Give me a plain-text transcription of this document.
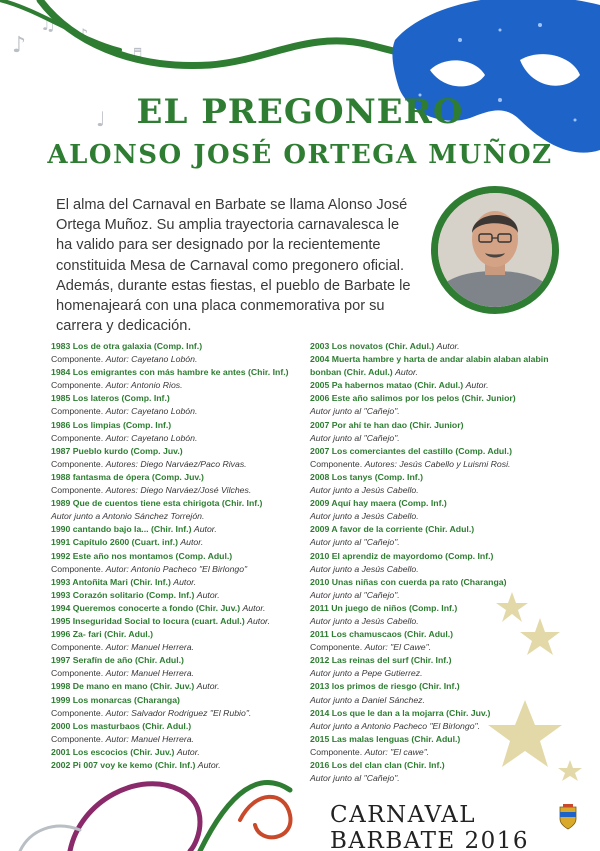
♪
♫ ♪
♩
♬
EL PREGONERO
ALONSO JOSÉ ORTEGA MUÑOZ

El alma del Carnaval en Barbate se llama Alonso José Ortega Muñoz. Su amplia trayectoria carnavalesca le ha valido para ser designado por la recientemente constituida Mesa de Carnaval como pregonero oficial. Además, durante estas fiestas, el pueblo de Barbate le homenajeará con una placa conmemorativa por su carrera y dedicación.

1983 Los de otra galaxia (Comp. Inf.)
Componente. Autor: Cayetano Lobón.
1984 Los emigrantes con más hambre ke antes (Chir. Inf.)
Componente. Autor: Antonio Rios.
1985 Los lateros (Comp. Inf.)
Componente. Autor: Cayetano Lobón.
1986 Los limpias (Comp. Inf.)
Componente. Autor: Cayetano Lobón.
1987 Pueblo kurdo (Comp. Juv.)
Componente. Autores: Diego Narváez/Paco Rivas.
1988 fantasma de ópera (Comp. Juv.)
Componente. Autores: Diego Narváez/José Vilches.
1989 Que de cuentos tiene esta chirigota (Chir. Inf.)
Autor junto a Antonio Sánchez Torrejón.
1990 cantando bajo la... (Chir. Inf.) Autor.
1991 Capítulo 2600 (Cuart. inf.) Autor.
1992 Este año nos montamos (Comp. Adul.)
Componente. Autor: Antonio Pacheco "El Birlongo"
1993 Antoñita Mari (Chir. Inf.) Autor.
1993 Corazón solitario (Comp. Inf.) Autor.
1994 Queremos conocerte a fondo (Chir. Juv.) Autor.
1995 Inseguridad Social to locura (cuart. Adul.) Autor.
1996 Za- fari (Chir. Adul.)
Componente. Autor: Manuel Herrera.
1997 Serafín de año (Chir. Adul.)
Componente. Autor: Manuel Herrera.
1998 De mano en mano (Chir. Juv.) Autor.
1999 Los monarcas (Charanga)
Componente. Autor: Salvador Rodriguez "El Rubio".
2000 Los masturbaos (Chir. Adul.)
Componente. Autor: Manuel Herrera.
2001 Los escocios (Chir. Juv.) Autor.
2002 Pi 007 voy ke kemo (Chir. Inf.) Autor.
2003 Los novatos (Chir. Adul.) Autor.
2004 Muerta hambre y harta de andar alabin alaban alabin bonban (Chir. Adul.) Autor.
2005 Pa habernos matao (Chir. Adul.) Autor.
2006 Este año salimos por los pelos (Chir. Junior)
Autor junto al "Cañejo".
2007 Por ahí te han dao (Chir. Junior)
Autor junto al "Cañejo".
2007 Los comerciantes del castillo (Comp. Adul.)
Componente. Autores: Jesús Cabello y Luismi Rosi.
2008 Los tanys (Comp. Inf.)
Autor junto a Jesús Cabello.
2009 Aquí hay maera (Comp. Inf.)
Autor junto a Jesús Cabello.
2009 A favor de la corriente (Chir. Adul.)
Autor junto al "Cañejo".
2010 El aprendiz de mayordomo (Comp. Inf.)
Autor junto a Jesús Cabello.
2010 Unas niñas con cuerda pa rato (Charanga)
Autor junto al "Cañejo".
2011 Un juego de niños (Comp. Inf.)
Autor junto a Jesús Cabello.
2011 Los chamuscaos (Chir. Adul.)
Componente. Autor: "El Cawe".
2012 Las reinas del surf (Chir. Inf.)
Autor junto a Pepe Gutierrez.
2013 los primos de riesgo (Chir. Inf.)
Autor junto a Daniel Sánchez.
2014 Los que le dan a la mojarra (Chir. Juv.)
Autor junto a Antonio Pacheco "El Birlongo".
2015 Las malas lenguas (Chir. Adul.)
Componente. Autor: "El cawe".
2016 Los del clan clan (Chir. Inf.)
Autor junto al "Cañejo".
CARNAVAL BARBATE 2016
